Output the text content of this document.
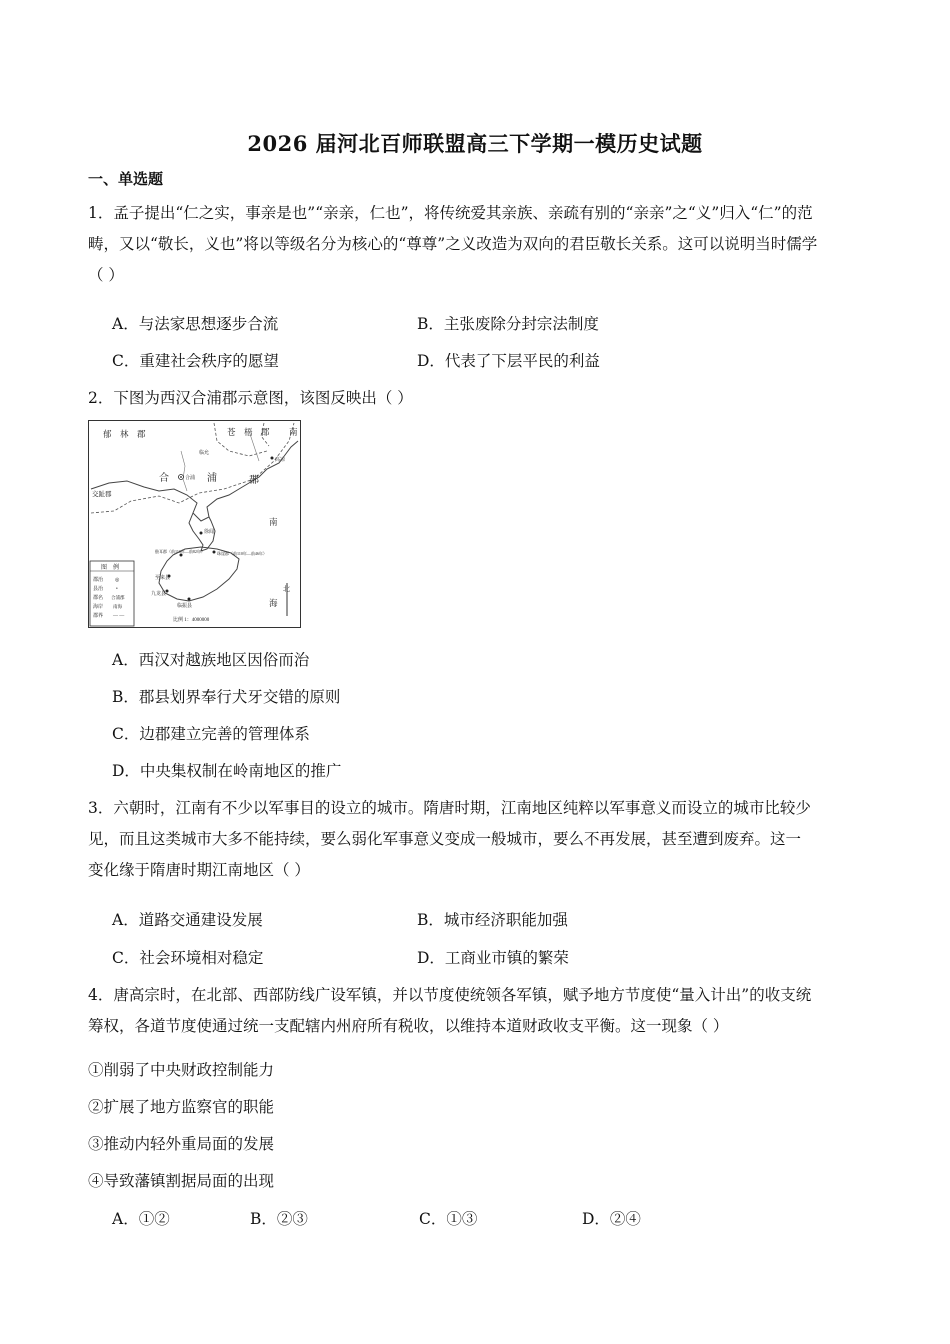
2026 届河北百师联盟高三下学期一模历史试题
一、单选题
1．孟子提出“仁之实，事亲是也”“亲亲，仁也”，将传统爱其亲族、亲疏有别的“亲亲”之“义”归入“仁”的范
畴，又以“敬长，义也”将以等级名分为核心的“尊尊”之义改造为双向的君臣敬长关系。这可以说明当时儒学
（ ）
A．与法家思想逐步合流	B．主张废除分封宗法制度
C．重建社会秩序的愿望	D．代表了下层平民的利益
2．下图为西汉合浦郡示意图，该图反映出（ ）
郁　林　郡	苍　梧　郡 南
临允
高凉
合	浦
合浦	郡
交趾郡
徐闻
南
海
珠崖郡（前110年—前46年）
儋耳郡（前110年—前82年）
至来县
九龙县
临振县
北
图　例
郡治
县治
郡名
海岸
郡界
◎
•
合浦郡
南海
— —
比例 1：4000000
A．西汉对越族地区因俗而治
B．郡县划界奉行犬牙交错的原则
C．边郡建立完善的管理体系
D．中央集权制在岭南地区的推广
3．六朝时，江南有不少以军事目的设立的城市。隋唐时期，江南地区纯粹以军事意义而设立的城市比较少
见，而且这类城市大多不能持续，要么弱化军事意义变成一般城市，要么不再发展，甚至遭到废弃。这一
变化缘于隋唐时期江南地区（ ）
A．道路交通建设发展	B．城市经济职能加强
C．社会环境相对稳定	D．工商业市镇的繁荣
4．唐高宗时，在北部、西部防线广设军镇，并以节度使统领各军镇，赋予地方节度使“量入计出”的收支统
筹权，各道节度使通过统一支配辖内州府所有税收，以维持本道财政收支平衡。这一现象（ ）
①削弱了中央财政控制能力
②扩展了地方监察官的职能
③推动内轻外重局面的发展
④导致藩镇割据局面的出现
A．①②	B．②③	C．①③	D．②④
